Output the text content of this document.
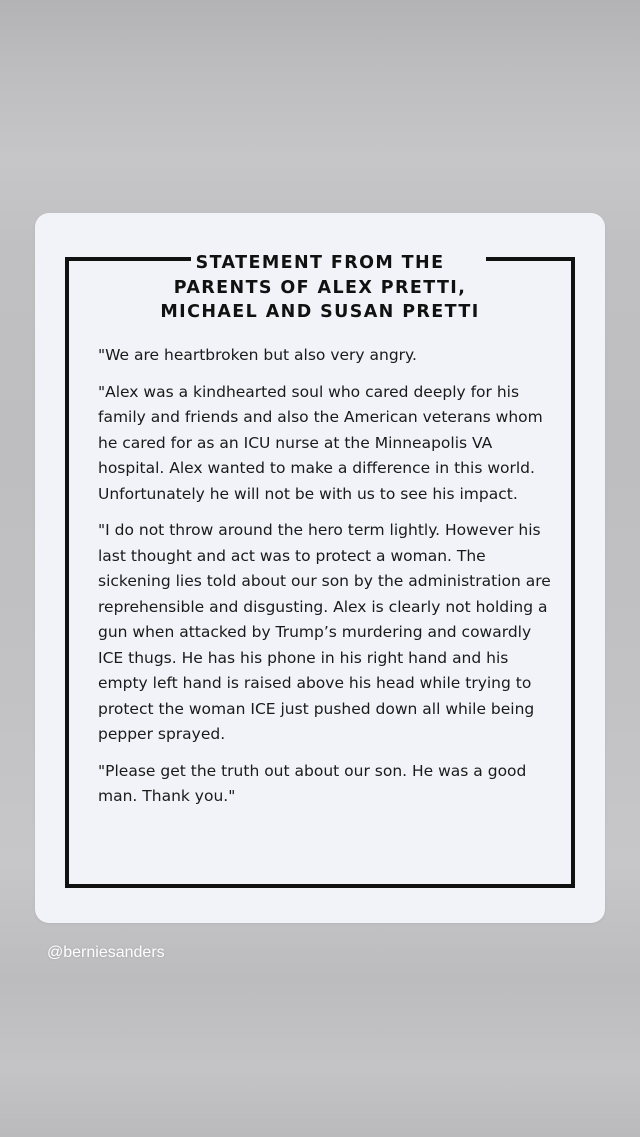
STATEMENT FROM THE
PARENTS OF ALEX PRETTI,
MICHAEL AND SUSAN PRETTI

"We are heartbroken but also very angry.

"Alex was a kindhearted soul who cared deeply for his family and friends and also the American veterans whom he cared for as an ICU nurse at the Minneapolis VA hospital. Alex wanted to make a difference in this world. Unfortunately he will not be with us to see his impact.

"I do not throw around the hero term lightly. However his last thought and act was to protect a woman. The sickening lies told about our son by the administration are reprehensible and disgusting. Alex is clearly not holding a gun when attacked by Trump’s murdering and cowardly ICE thugs. He has his phone in his right hand and his empty left hand is raised above his head while trying to protect the woman ICE just pushed down all while being pepper sprayed.

"Please get the truth out about our son. He was a good man. Thank you."

@berniesanders
